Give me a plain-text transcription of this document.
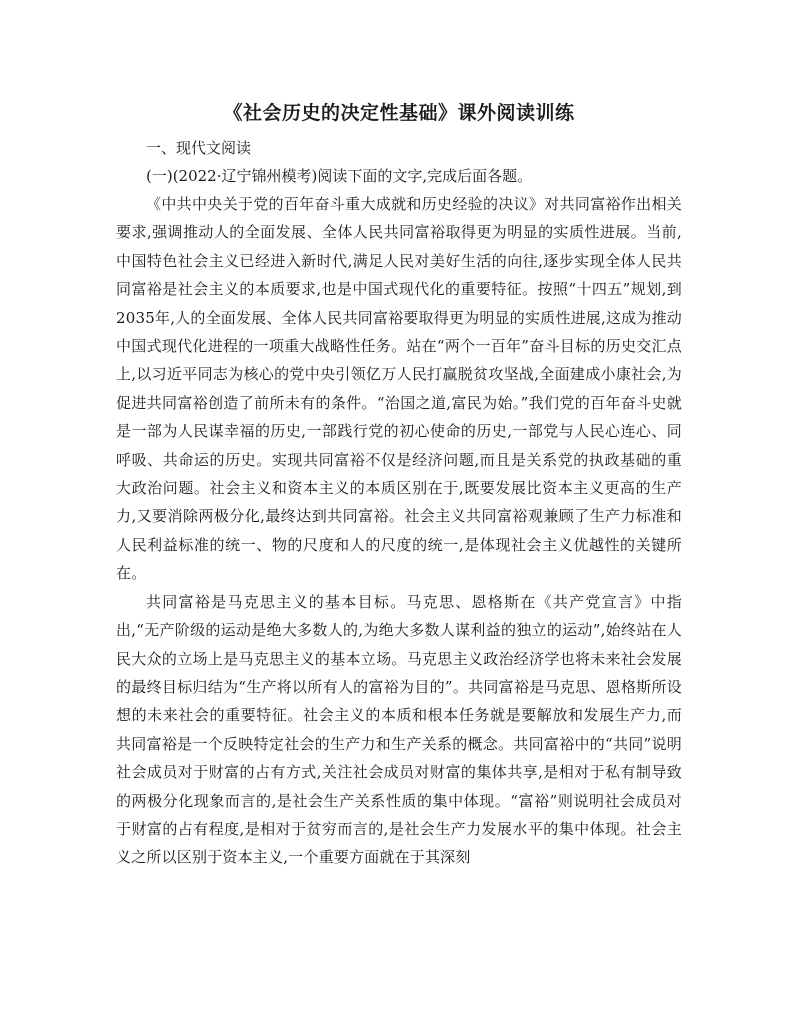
《社会历史的决定性基础》课外阅读训练
一、现代文阅读
(一)(2022·辽宁锦州模考)阅读下面的文字,完成后面各题。

《中共中央关于党的百年奋斗重大成就和历史经验的决议》对共同富裕作出相关要求,强调推动人的全面发展、全体人民共同富裕取得更为明显的实质性进展。当前,中国特色社会主义已经进入新时代,满足人民对美好生活的向往,逐步实现全体人民共同富裕是社会主义的本质要求,也是中国式现代化的重要特征。按照“十四五”规划,到2035年,人的全面发展、全体人民共同富裕要取得更为明显的实质性进展,这成为推动中国式现代化进程的一项重大战略性任务。站在“两个一百年”奋斗目标的历史交汇点上,以习近平同志为核心的党中央引领亿万人民打赢脱贫攻坚战,全面建成小康社会,为促进共同富裕创造了前所未有的条件。“治国之道,富民为始。”我们党的百年奋斗史就是一部为人民谋幸福的历史,一部践行党的初心使命的历史,一部党与人民心连心、同呼吸、共命运的历史。实现共同富裕不仅是经济问题,而且是关系党的执政基础的重大政治问题。社会主义和资本主义的本质区别在于,既要发展比资本主义更高的生产力,又要消除两极分化,最终达到共同富裕。社会主义共同富裕观兼顾了生产力标准和人民利益标准的统一、物的尺度和人的尺度的统一,是体现社会主义优越性的关键所在。

共同富裕是马克思主义的基本目标。马克思、恩格斯在《共产党宣言》中指出,“无产阶级的运动是绝大多数人的,为绝大多数人谋利益的独立的运动”,始终站在人民大众的立场上是马克思主义的基本立场。马克思主义政治经济学也将未来社会发展的最终目标归结为“生产将以所有人的富裕为目的”。共同富裕是马克思、恩格斯所设想的未来社会的重要特征。社会主义的本质和根本任务就是要解放和发展生产力,而共同富裕是一个反映特定社会的生产力和生产关系的概念。共同富裕中的“共同”说明社会成员对于财富的占有方式,关注社会成员对财富的集体共享,是相对于私有制导致的两极分化现象而言的,是社会生产关系性质的集中体现。“富裕”则说明社会成员对于财富的占有程度,是相对于贫穷而言的,是社会生产力发展水平的集中体现。社会主义之所以区别于资本主义,一个重要方面就在于其深刻
